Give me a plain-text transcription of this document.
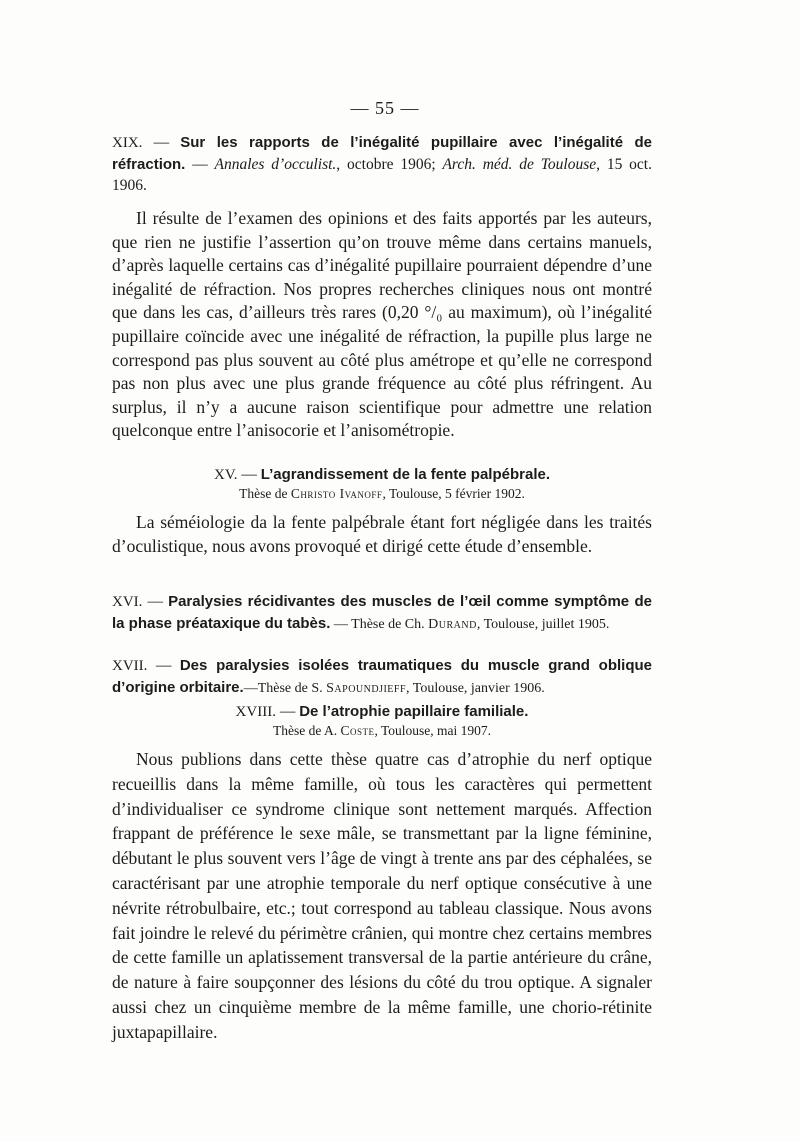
— 55 —
XIX. — Sur les rapports de l’inégalité pupillaire avec l’inégalité de réfraction. — Annales d’occulist., octobre 1906; Arch. méd. de Toulouse, 15 oct. 1906.

Il résulte de l’examen des opinions et des faits apportés par les auteurs, que rien ne justifie l’assertion qu’on trouve même dans certains manuels, d’après laquelle certains cas d’inégalité pupillaire pourraient dépendre d’une inégalité de réfraction. Nos propres recherches cliniques nous ont montré que dans les cas, d’ailleurs très rares (0,20 °/₀ au maximum), où l’inégalité pupillaire coïncide avec une inégalité de réfraction, la pupille plus large ne correspond pas plus souvent au côté plus amétrope et qu’elle ne correspond pas non plus avec une plus grande fréquence au côté plus réfringent. Au surplus, il n’y a aucune raison scientifique pour admettre une relation quelconque entre l’anisocorie et l’anisométropie.

XV. — L’agrandissement de la fente palpébrale.
Thèse de Christo Ivanoff, Toulouse, 5 février 1902.

La séméiologie da la fente palpébrale étant fort négligée dans les traités d’oculistique, nous avons provoqué et dirigé cette étude d’ensemble.

XVI. — Paralysies récidivantes des muscles de l’œil comme symptôme de la phase préataxique du tabès. — Thèse de Ch. Durand, Toulouse, juillet 1905.
XVII. — Des paralysies isolées traumatiques du muscle grand oblique d’origine orbitaire.—Thèse de S. Sapoundjieff, Toulouse, janvier 1906.
XVIII. — De l’atrophie papillaire familiale.
Thèse de A. Coste, Toulouse, mai 1907.

Nous publions dans cette thèse quatre cas d’atrophie du nerf optique recueillis dans la même famille, où tous les caractères qui permettent d’individualiser ce syndrome clinique sont nettement marqués. Affection frappant de préférence le sexe mâle, se transmettant par la ligne féminine, débutant le plus souvent vers l’âge de vingt à trente ans par des céphalées, se caractérisant par une atrophie temporale du nerf optique consécutive à une névrite rétrobulbaire, etc.; tout correspond au tableau classique. Nous avons fait joindre le relevé du périmètre crânien, qui montre chez certains membres de cette famille un aplatissement transversal de la partie antérieure du crâne, de nature à faire soupçonner des lésions du côté du trou optique. A signaler aussi chez un cinquième membre de la même famille, une chorio-rétinite juxtapapillaire.
